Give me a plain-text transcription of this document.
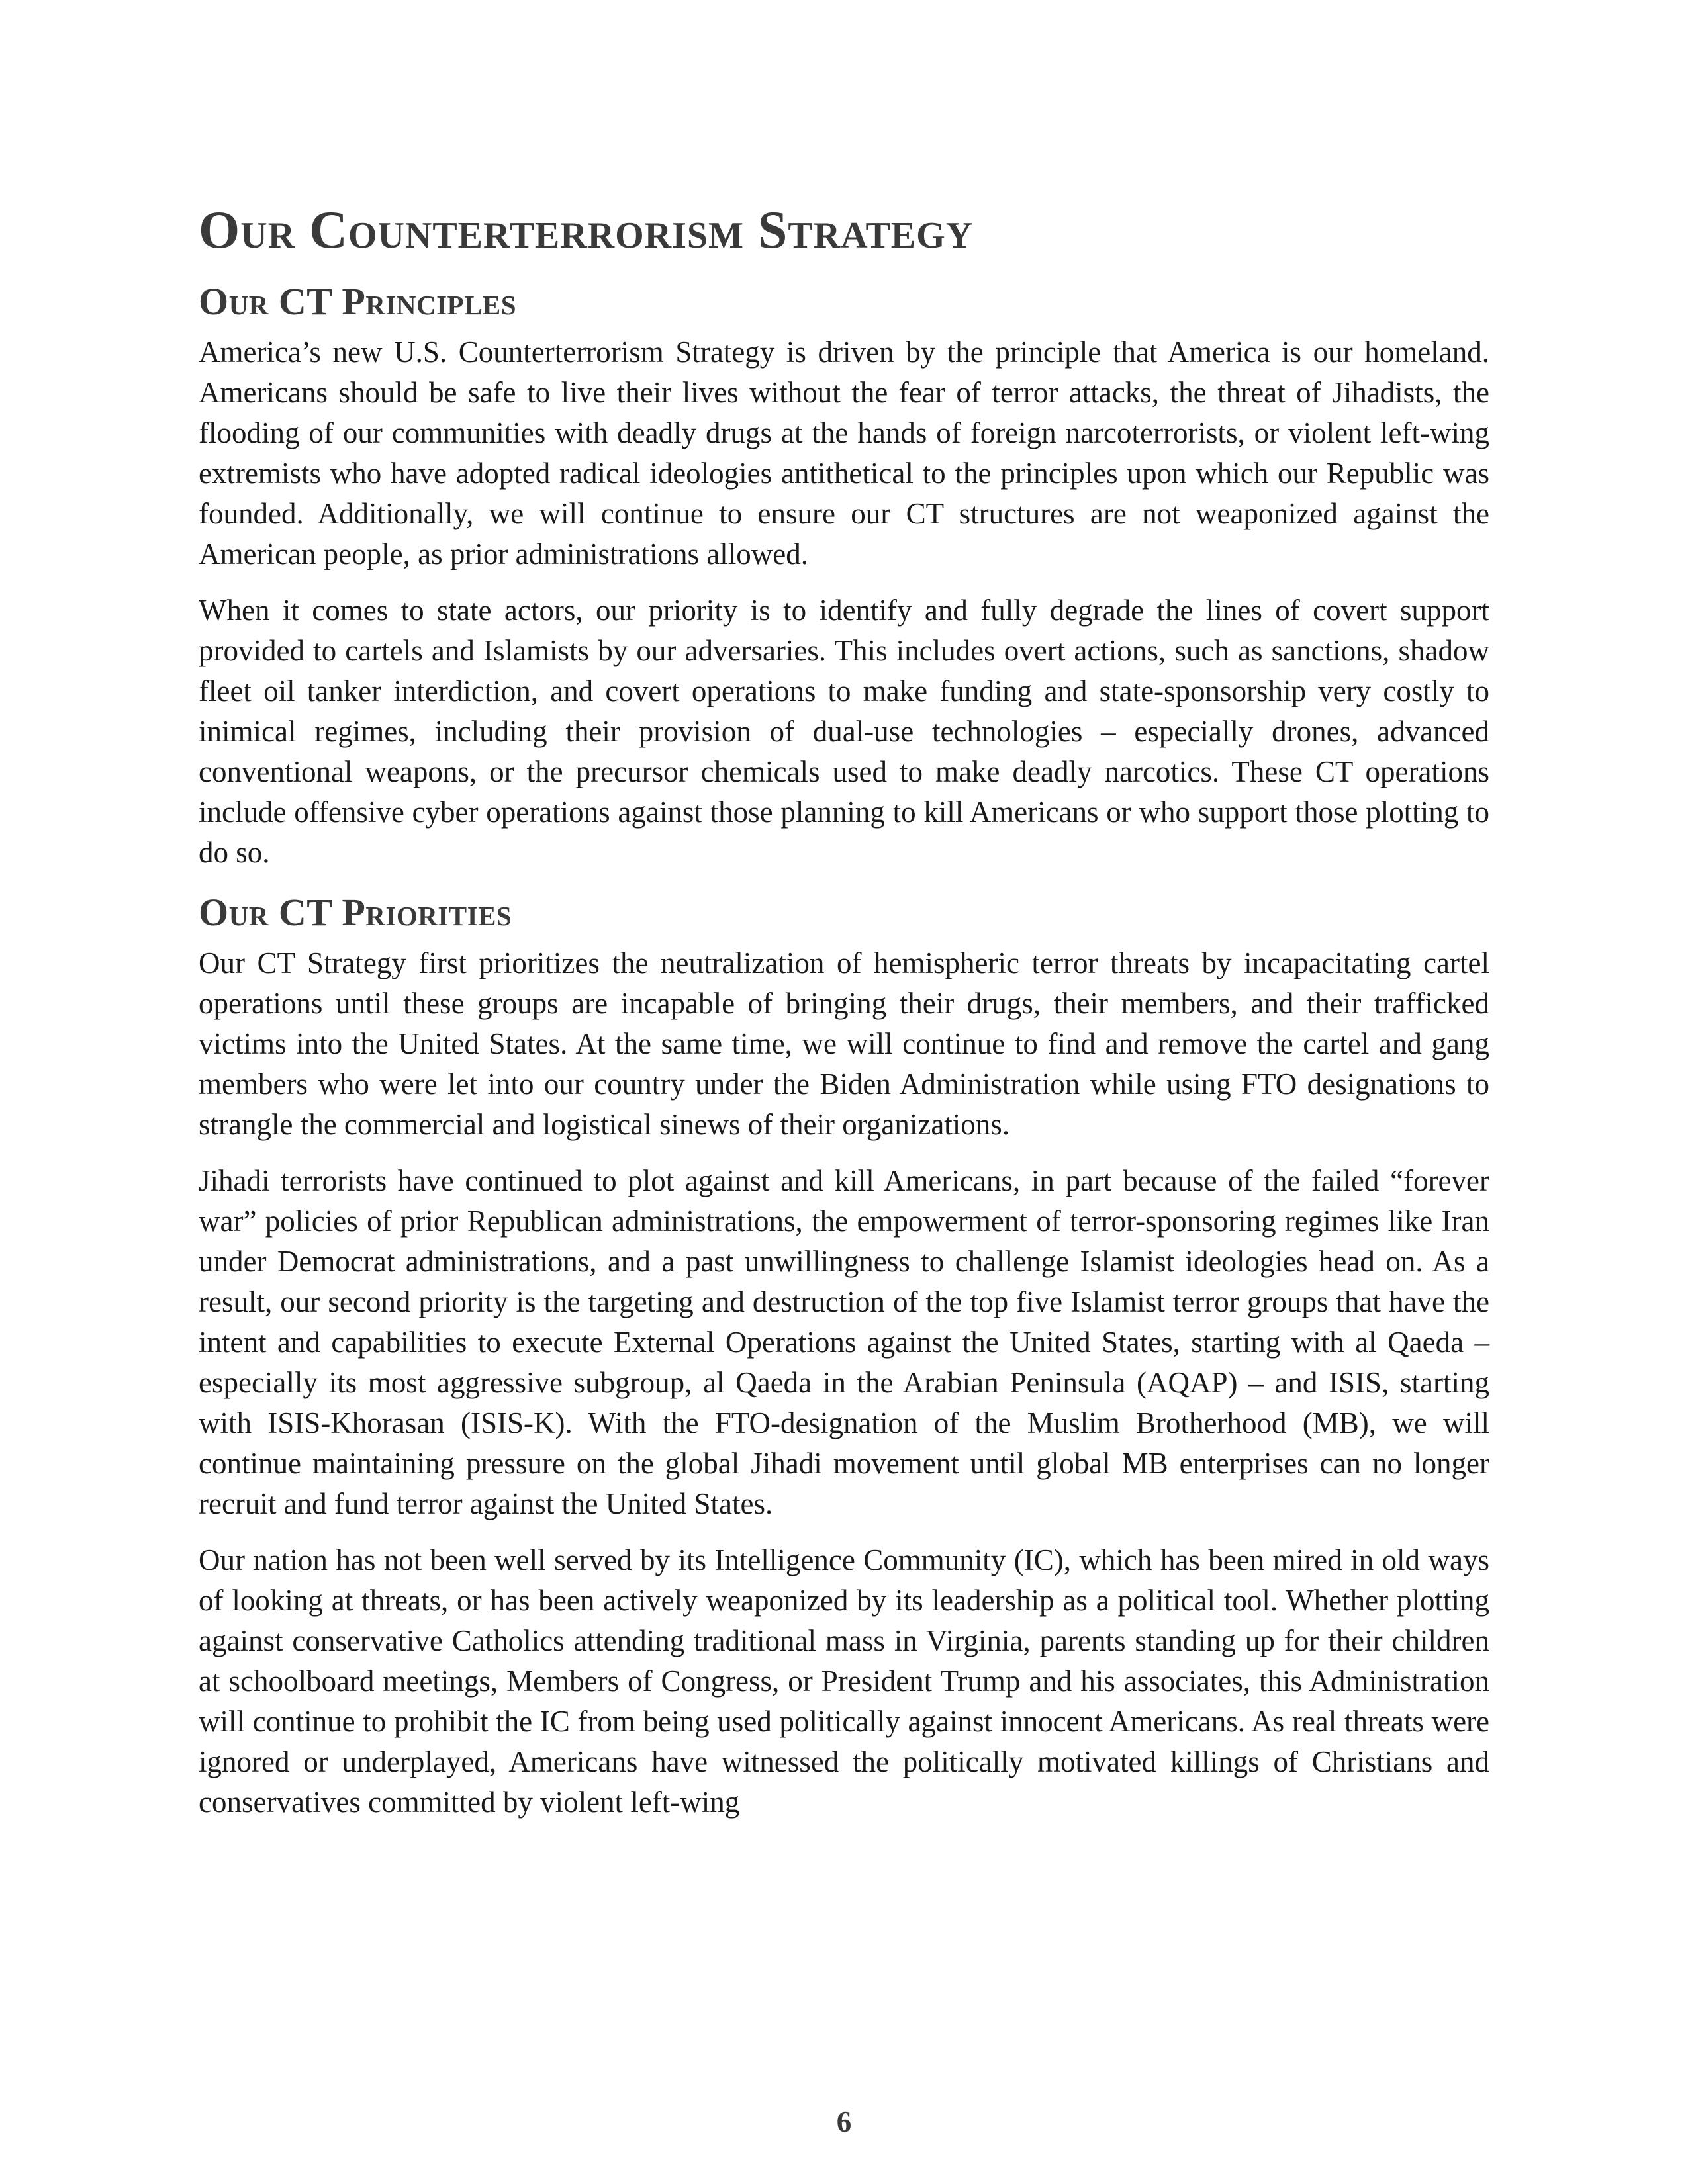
Our Counterterrorism Strategy
Our CT Principles

America’s new U.S. Counterterrorism Strategy is driven by the principle that America is our homeland. Americans should be safe to live their lives without the fear of terror attacks, the threat of Jihadists, the flooding of our communities with deadly drugs at the hands of foreign narcoterrorists, or violent left-wing extremists who have adopted radical ideologies antithetical to the principles upon which our Republic was founded. Additionally, we will continue to ensure our CT structures are not weaponized against the American people, as prior administrations allowed.

When it comes to state actors, our priority is to identify and fully degrade the lines of covert support provided to cartels and Islamists by our adversaries. This includes overt actions, such as sanctions, shadow fleet oil tanker interdiction, and covert operations to make funding and state-sponsorship very costly to inimical regimes, including their provision of dual-use technologies – especially drones, advanced conventional weapons, or the precursor chemicals used to make deadly narcotics. These CT operations include offensive cyber operations against those planning to kill Americans or who support those plotting to do so.

Our CT Priorities

Our CT Strategy first prioritizes the neutralization of hemispheric terror threats by incapacitating cartel operations until these groups are incapable of bringing their drugs, their members, and their trafficked victims into the United States. At the same time, we will continue to find and remove the cartel and gang members who were let into our country under the Biden Administration while using FTO designations to strangle the commercial and logistical sinews of their organizations.

Jihadi terrorists have continued to plot against and kill Americans, in part because of the failed “forever war” policies of prior Republican administrations, the empowerment of terror-sponsoring regimes like Iran under Democrat administrations, and a past unwillingness to challenge Islamist ideologies head on. As a result, our second priority is the targeting and destruction of the top five Islamist terror groups that have the intent and capabilities to execute External Operations against the United States, starting with al Qaeda – especially its most aggressive subgroup, al Qaeda in the Arabian Peninsula (AQAP) – and ISIS, starting with ISIS-Khorasan (ISIS-K). With the FTO-designation of the Muslim Brotherhood (MB), we will continue maintaining pressure on the global Jihadi movement until global MB enterprises can no longer recruit and fund terror against the United States.

Our nation has not been well served by its Intelligence Community (IC), which has been mired in old ways of looking at threats, or has been actively weaponized by its leadership as a political tool. Whether plotting against conservative Catholics attending traditional mass in Virginia, parents standing up for their children at schoolboard meetings, Members of Congress, or President Trump and his associates, this Administration will continue to prohibit the IC from being used politically against innocent Americans. As real threats were ignored or underplayed, Americans have witnessed the politically motivated killings of Christians and conservatives committed by violent left-wing

6
